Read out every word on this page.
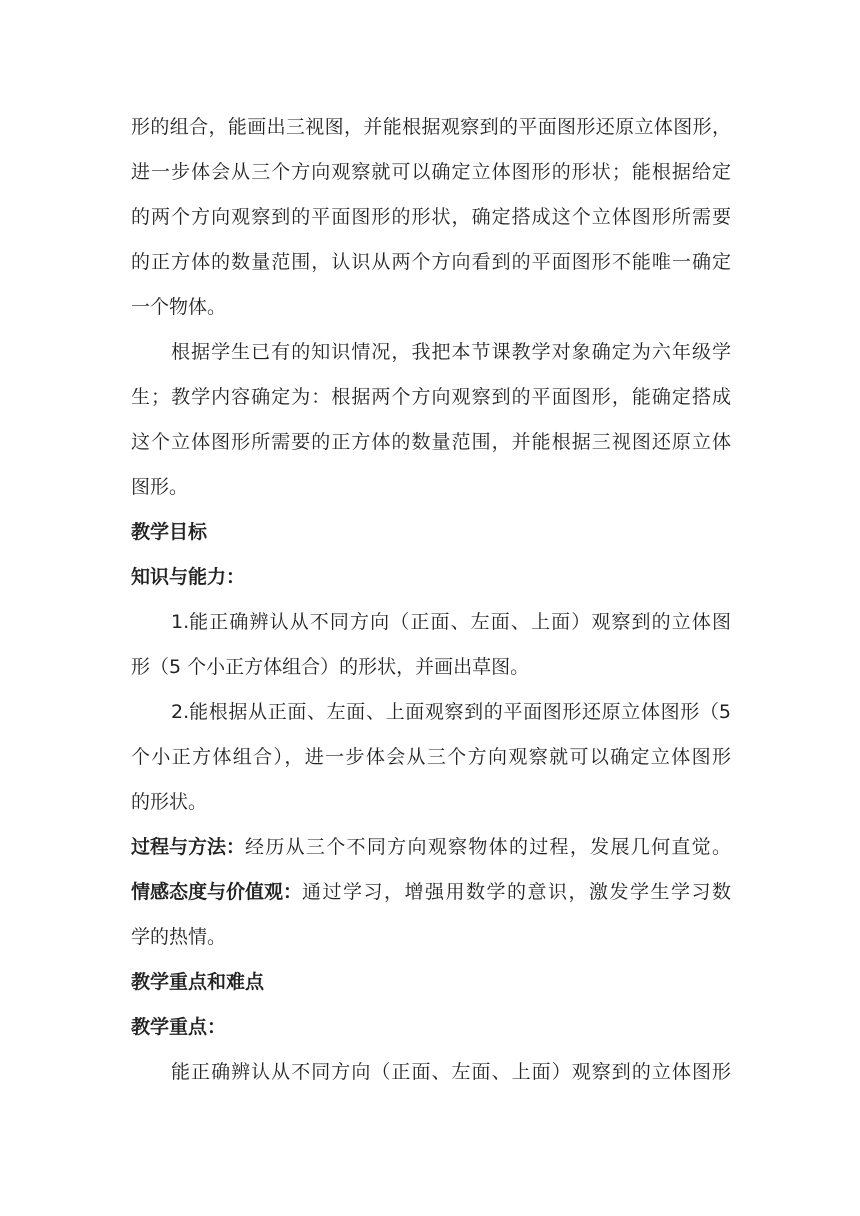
形的组合，能画出三视图，并能根据观察到的平面图形还原立体图形，
进一步体会从三个方向观察就可以确定立体图形的形状；能根据给定
的两个方向观察到的平面图形的形状，确定搭成这个立体图形所需要
的正方体的数量范围，认识从两个方向看到的平面图形不能唯一确定
一个物体。
根据学生已有的知识情况，我把本节课教学对象确定为六年级学
生；教学内容确定为：根据两个方向观察到的平面图形，能确定搭成
这个立体图形所需要的正方体的数量范围，并能根据三视图还原立体
图形。
教学目标
知识与能力：
1. 能正确辨认从不同方向（正面、左面、上面）观察到的立体图
形（5 个小正方体组合）的形状，并画出草图。
2. 能根据从正面、左面、上面观察到的平面图形还原立体图形（ 5
个小正方体组合），进一步体会从三个方向观察就可以确定立体图形
的形状。
过程与方法： 经历从三个不同方向观察物体的过程，发展几何直觉。
情感态度与价值观： 通过学习，增强用数学的意识，激发学生学习数
学的热情。
教学重点和难点
教学重点：
能正确辨认从不同方向（正面、左面、上面）观察到的立体图形
